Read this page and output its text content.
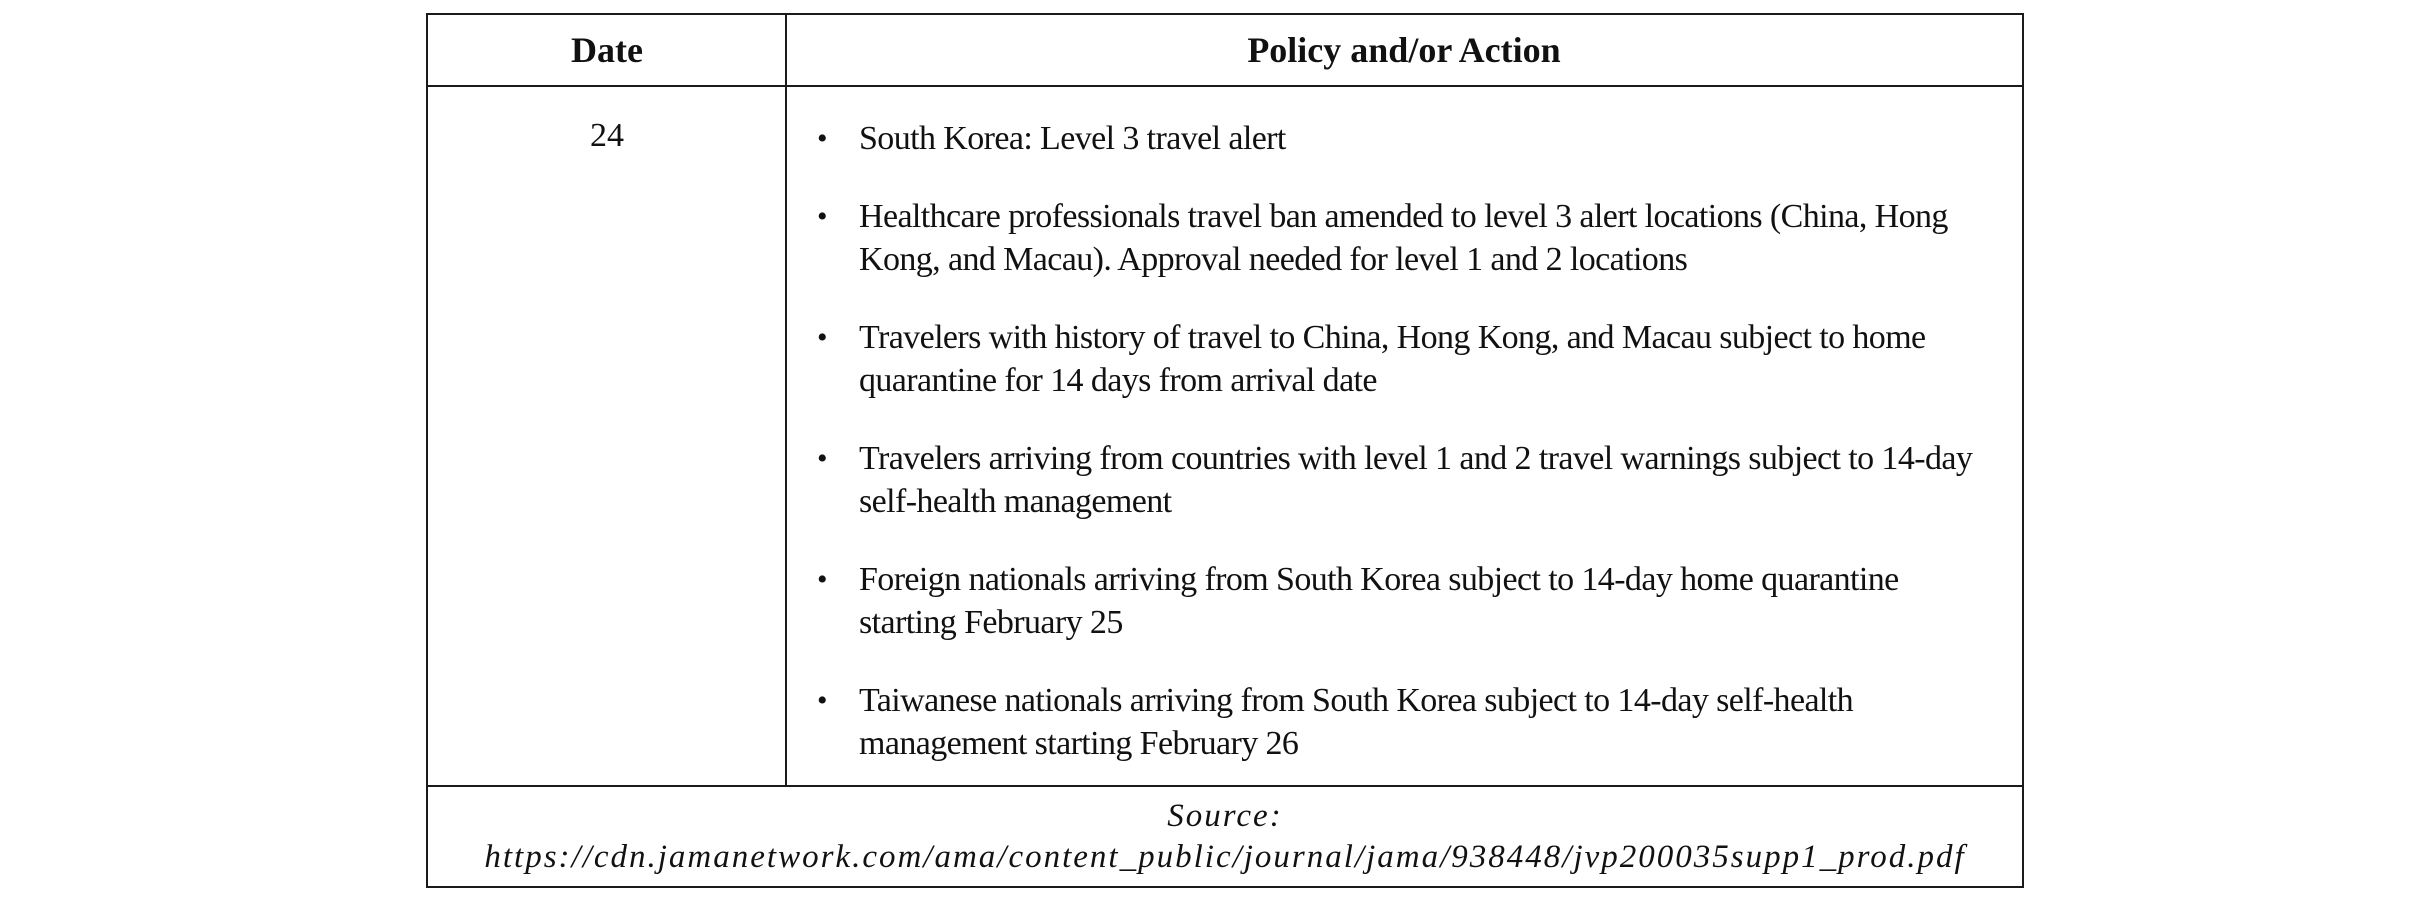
Date	Policy and/or Action
24	• South Korea: Level 3 travel alert
• Healthcare professionals travel ban amended to level 3 alert locations (China, Hong Kong, and Macau). Approval needed for level 1 and 2 locations
• Travelers with history of travel to China, Hong Kong, and Macau subject to home quarantine for 14 days from arrival date
• Travelers arriving from countries with level 1 and 2 travel warnings subject to 14-day self-health management
• Foreign nationals arriving from South Korea subject to 14-day home quarantine starting February 25
• Taiwanese nationals arriving from South Korea subject to 14-day self-health management starting February 26
Source: https://cdn.jamanetwork.com/ama/content_public/journal/jama/938448/jvp200035supp1_prod.pdf
